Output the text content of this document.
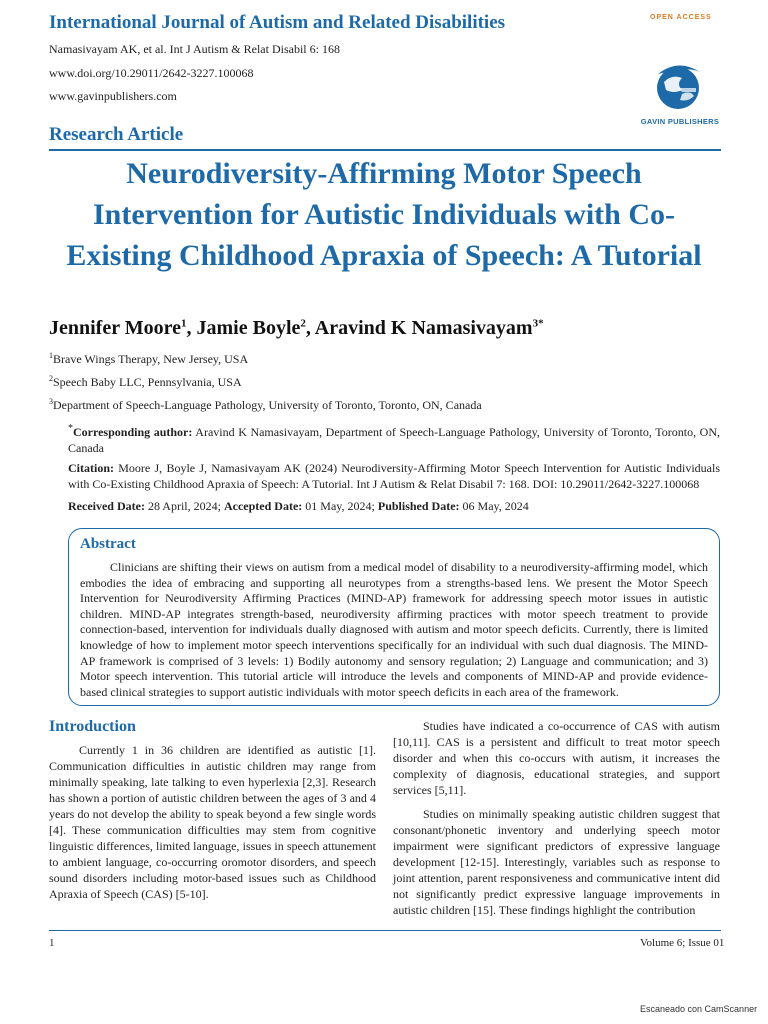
International Journal of Autism and Related Disabilities
Namasivayam AK, et al. Int J Autism & Relat Disabil 6: 168
www.doi.org/10.29011/2642-3227.100068
www.gavinpublishers.com
OPEN ACCESS
GAVIN PUBLISHERS
Research Article
Neurodiversity-Affirming Motor Speech Intervention for Autistic Individuals with Co-Existing Childhood Apraxia of Speech: A Tutorial
Jennifer Moore$^1$, Jamie Boyle$^2$, Aravind K Namasivayam$^{3*}$
$^1$Brave Wings Therapy, New Jersey, USA
$^2$Speech Baby LLC, Pennsylvania, USA
$^3$Department of Speech-Language Pathology, University of Toronto, Toronto, ON, Canada
*Corresponding author: Aravind K Namasivayam, Department of Speech-Language Pathology, University of Toronto, Toronto, ON, Canada
Citation: Moore J, Boyle J, Namasivayam AK (2024) Neurodiversity-Affirming Motor Speech Intervention for Autistic Individuals with Co-Existing Childhood Apraxia of Speech: A Tutorial. Int J Autism & Relat Disabil 7: 168. DOI: 10.29011/2642-3227.100068
Received Date: 28 April, 2024; Accepted Date: 01 May, 2024; Published Date: 06 May, 2024
Abstract
Clinicians are shifting their views on autism from a medical model of disability to a neurodiversity-affirming model, which embodies the idea of embracing and supporting all neurotypes from a strengths-based lens. We present the Motor Speech Intervention for Neurodiversity Affirming Practices (MIND-AP) framework for addressing speech motor issues in autistic children. MIND-AP integrates strength-based, neurodiversity affirming practices with motor speech treatment to provide connection-based, intervention for individuals dually diagnosed with autism and motor speech deficits. Currently, there is limited knowledge of how to implement motor speech interventions specifically for an individual with such dual diagnosis. The MIND-AP framework is comprised of 3 levels: 1) Bodily autonomy and sensory regulation; 2) Language and communication; and 3) Motor speech intervention. This tutorial article will introduce the levels and components of MIND-AP and provide evidence-based clinical strategies to support autistic individuals with motor speech deficits in each area of the framework.
Introduction

Currently 1 in 36 children are identified as autistic [1]. Communication difficulties in autistic children may range from minimally speaking, late talking to even hyperlexia [2,3]. Research has shown a portion of autistic children between the ages of 3 and 4 years do not develop the ability to speak beyond a few single words [4]. These communication difficulties may stem from cognitive linguistic differences, limited language, issues in speech attunement to ambient language, co-occurring oromotor disorders, and speech sound disorders including motor-based issues such as Childhood Apraxia of Speech (CAS) [5-10].

Studies have indicated a co-occurrence of CAS with autism [10,11]. CAS is a persistent and difficult to treat motor speech disorder and when this co-occurs with autism, it increases the complexity of diagnosis, educational strategies, and support services [5,11].

Studies on minimally speaking autistic children suggest that consonant/phonetic inventory and underlying speech motor impairment were significant predictors of expressive language development [12-15]. Interestingly, variables such as response to joint attention, parent responsiveness and communicative intent did not significantly predict expressive language improvements in autistic children [15]. These findings highlight the contribution

1	Volume 6; Issue 01
Escaneado con CamScanner
